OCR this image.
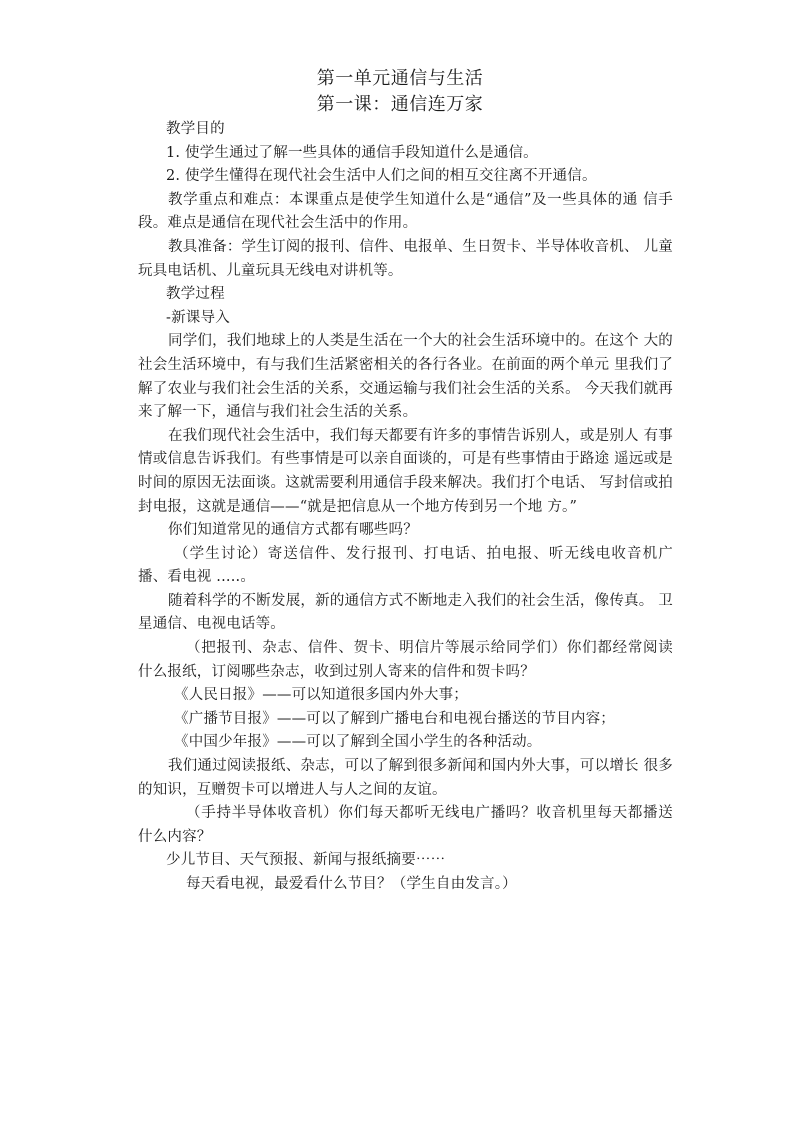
第一单元通信与生活
第一课：通信连万家

教学目的

1. 使学生通过了解一些具体的通信手段知道什么是通信。

2. 使学生懂得在现代社会生活中人们之间的相互交往离不开通信。

教学重点和难点：本课重点是使学生知道什么是“通信”及一些具体的通 信手段。难点是通信在现代社会生活中的作用。

教具准备：学生订阅的报刊、信件、电报单、生日贺卡、半导体收音机、 儿童玩具电话机、儿童玩具无线电对讲机等。

教学过程

-新课导入

同学们，我们地球上的人类是生活在一个大的社会生活环境中的。在这个 大的社会生活环境中，有与我们生活紧密相关的各行各业。在前面的两个单元 里我们了解了农业与我们社会生活的关系，交通运输与我们社会生活的关系。 今天我们就再来了解一下，通信与我们社会生活的关系。

在我们现代社会生活中，我们每天都要有许多的事情告诉别人，或是别人 有事情或信息告诉我们。有些事情是可以亲自面谈的，可是有些事情由于路途 遥远或是时间的原因无法面谈。这就需要利用通信手段来解决。我们打个电话、 写封信或拍封电报，这就是通信——“就是把信息从一个地方传到另一个地 方。”

你们知道常见的通信方式都有哪些吗？

（学生讨论）寄送信件、发行报刊、打电话、拍电报、听无线电收音机广播、看电视 .....。

随着科学的不断发展，新的通信方式不断地走入我们的社会生活，像传真。 卫星通信、电视电话等。

（把报刊、杂志、信件、贺卡、明信片等展示给同学们）你们都经常阅读 什么报纸，订阅哪些杂志，收到过别人寄来的信件和贺卡吗？

《人民日报》——可以知道很多国内外大事；

《广播节目报》——可以了解到广播电台和电视台播送的节目内容；

《中国少年报》——可以了解到全国小学生的各种活动。

我们通过阅读报纸、杂志，可以了解到很多新闻和国内外大事，可以增长 很多的知识，互赠贺卡可以增进人与人之间的友谊。

（手持半导体收音机）你们每天都听无线电广播吗？收音机里每天都播送 什么内容？

少儿节目、天气预报、新闻与报纸摘要⋯⋯

每天看电视，最爱看什么节目？（学生自由发言。）
